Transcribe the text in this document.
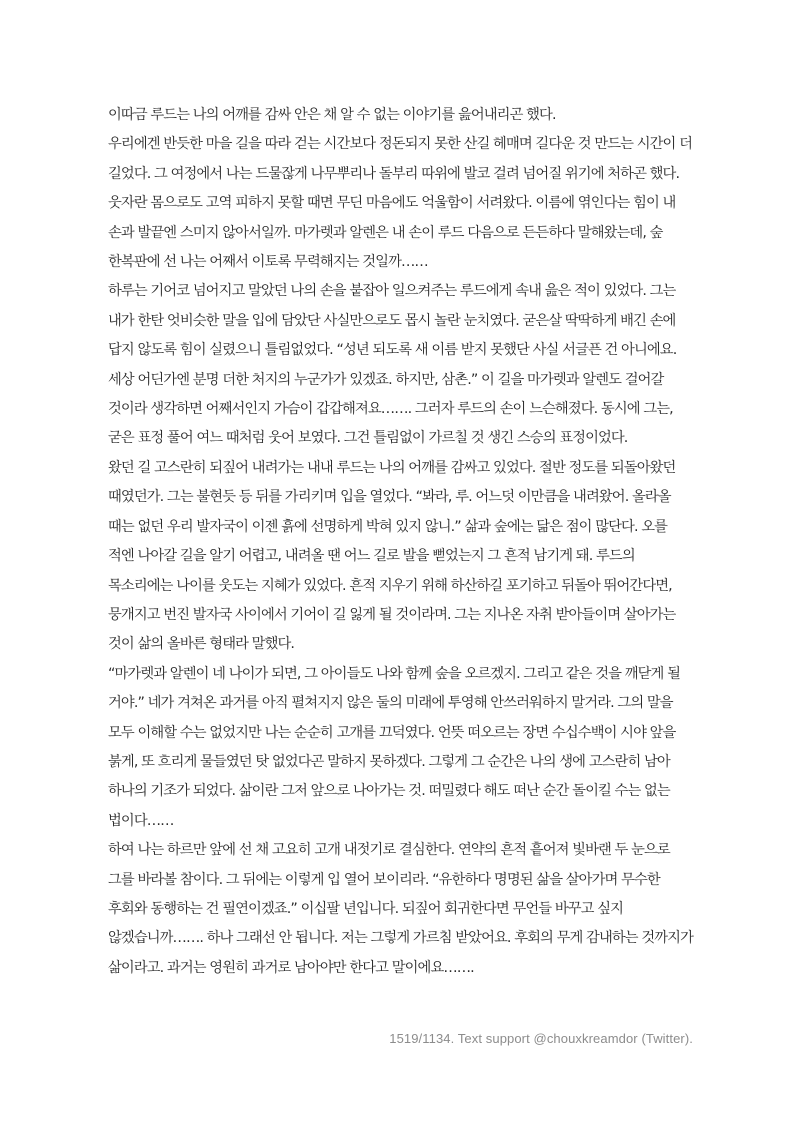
이따금 루드는 나의 어깨를 감싸 안은 채 알 수 없는 이야기를 읊어내리곤 했다.

우리에겐 반듯한 마을 길을 따라 걷는 시간보다 정돈되지 못한 산길 헤매며 길다운 것 만드는 시간이 더 길었다. 그 여정에서 나는 드물잖게 나무뿌리나 돌부리 따위에 발코 걸려 넘어질 위기에 처하곤 했다. 웃자란 몸으로도 고역 피하지 못할 때면 무딘 마음에도 억울함이 서려왔다. 이름에 엮인다는 힘이 내 손과 발끝엔 스미지 않아서일까. 마가렛과 알렌은 내 손이 루드 다음으로 든든하다 말해왔는데, 숲 한복판에 선 나는 어째서 이토록 무력해지는 것일까……

하루는 기어코 넘어지고 말았던 나의 손을 붙잡아 일으켜주는 루드에게 속내 읊은 적이 있었다. 그는 내가 한탄 엇비슷한 말을 입에 담았단 사실만으로도 몹시 놀란 눈치였다. 굳은살 딱딱하게 배긴 손에 답지 않도록 힘이 실렸으니 틀림없었다. “성년 되도록 새 이름 받지 못했단 사실 서글픈 건 아니에요. 세상 어딘가엔 분명 더한 처지의 누군가가 있겠죠. 하지만, 삼촌.” 이 길을 마가렛과 알렌도 걸어갈 것이라 생각하면 어째서인지 가슴이 갑갑해져요……. 그러자 루드의 손이 느슨해졌다. 동시에 그는, 굳은 표정 풀어 여느 때처럼 웃어 보였다. 그건 틀림없이 가르칠 것 생긴 스승의 표정이었다.

왔던 길 고스란히 되짚어 내려가는 내내 루드는 나의 어깨를 감싸고 있었다. 절반 정도를 되돌아왔던 때였던가. 그는 불현듯 등 뒤를 가리키며 입을 열었다. “봐라, 루. 어느덧 이만큼을 내려왔어. 올라올 때는 없던 우리 발자국이 이젠 흙에 선명하게 박혀 있지 않니.” 삶과 숲에는 닮은 점이 많단다. 오를 적엔 나아갈 길을 알기 어렵고, 내려올 땐 어느 길로 발을 뻗었는지 그 흔적 남기게 돼. 루드의 목소리에는 나이를 웃도는 지혜가 있었다. 흔적 지우기 위해 하산하길 포기하고 뒤돌아 뛰어간다면, 뭉개지고 번진 발자국 사이에서 기어이 길 잃게 될 것이라며. 그는 지나온 자취 받아들이며 살아가는 것이 삶의 올바른 형태라 말했다.

“마가렛과 알렌이 네 나이가 되면, 그 아이들도 나와 함께 숲을 오르겠지. 그리고 같은 것을 깨닫게 될 거야.” 네가 겨쳐온 과거를 아직 펼쳐지지 않은 둘의 미래에 투영해 안쓰러워하지 말거라. 그의 말을 모두 이해할 수는 없었지만 나는 순순히 고개를 끄덕였다. 언뜻 떠오르는 장면 수십수백이 시야 앞을 붉게, 또 흐리게 물들였던 탓 없었다곤 말하지 못하겠다. 그렇게 그 순간은 나의 생에 고스란히 남아 하나의 기조가 되었다. 삶이란 그저 앞으로 나아가는 것. 떠밀렸다 해도 떠난 순간 돌이킬 수는 없는 법이다……

하여 나는 하르만 앞에 선 채 고요히 고개 내젓기로 결심한다. 연약의 흔적 흩어져 빛바랜 두 눈으로 그를 바라볼 참이다. 그 뒤에는 이렇게 입 열어 보이리라. “유한하다 명명된 삶을 살아가며 무수한 후회와 동행하는 건 필연이겠죠.” 이십팔 년입니다. 되짚어 회귀한다면 무언들 바꾸고 싶지 않겠습니까……. 하나 그래선 안 됩니다. 저는 그렇게 가르침 받았어요. 후회의 무게 감내하는 것까지가 삶이라고. 과거는 영원히 과거로 남아야만 한다고 말이에요…….

1519/1134. Text support @chouxkreamdor (Twitter).
